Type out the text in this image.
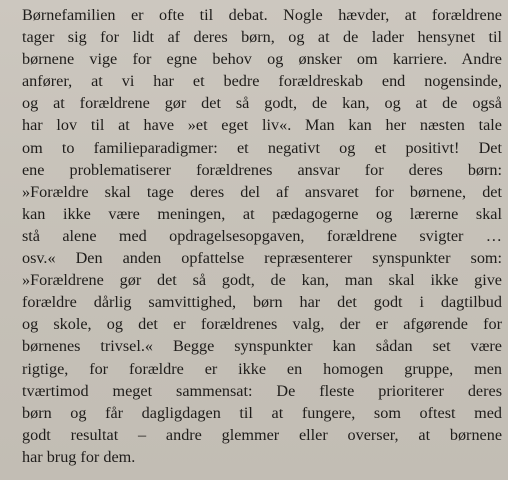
Børnefamilien er ofte til debat. Nogle hævder, at forældrene
tager sig for lidt af deres børn, og at de lader hensynet til
børnene vige for egne behov og ønsker om karriere. Andre
anfører, at vi har et bedre forældreskab end nogensinde,
og at forældrene gør det så godt, de kan, og at de også
har lov til at have »et eget liv«. Man kan her næsten tale
om to familieparadigmer: et negativt og et positivt! Det
ene problematiserer forældrenes ansvar for deres børn:
»Forældre skal tage deres del af ansvaret for børnene, det
kan ikke være meningen, at pædagogerne og lærerne skal
stå alene med opdragelsesopgaven, forældrene svigter …
osv.« Den anden opfattelse repræsenterer synspunkter som:
»Forældrene gør det så godt, de kan, man skal ikke give
forældre dårlig samvittighed, børn har det godt i dagtilbud
og skole, og det er forældrenes valg, der er afgørende for
børnenes trivsel.« Begge synspunkter kan sådan set være
rigtige, for forældre er ikke en homogen gruppe, men
tværtimod meget sammensat: De fleste prioriterer deres
børn og får dagligdagen til at fungere, som oftest med
godt resultat – andre glemmer eller overser, at børnene
har brug for dem.
